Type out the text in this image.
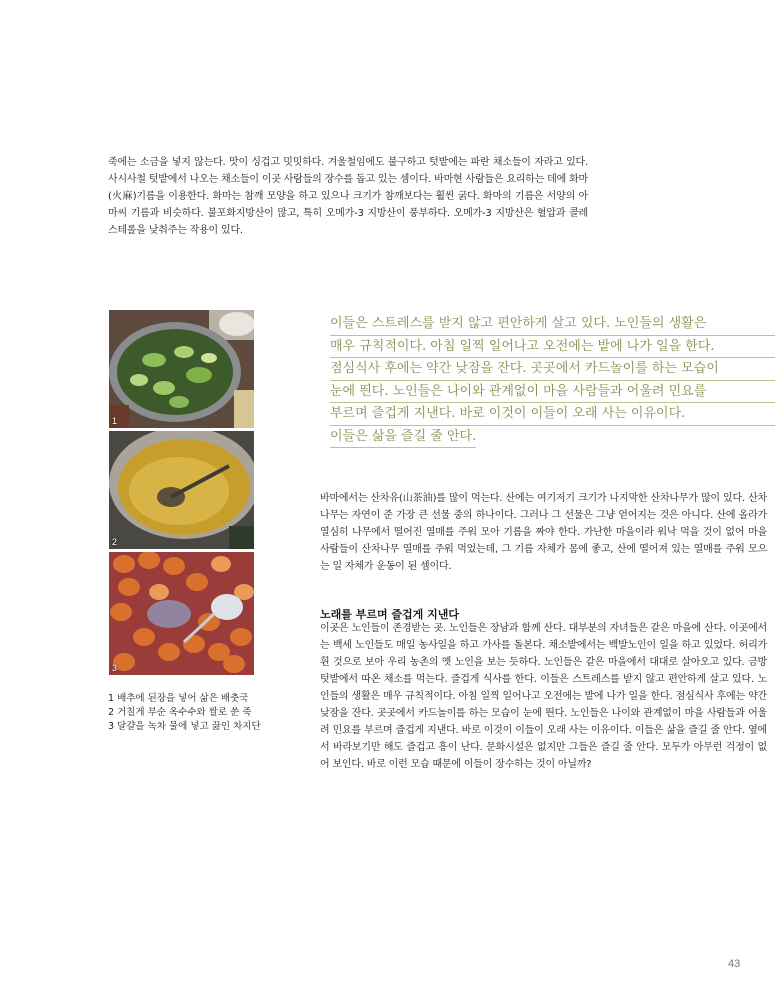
죽에는 소금을 넣지 않는다. 맛이 싱겁고 밋밋하다. 겨울철임에도 불구하고 텃밭에는 파란 채소들이 자라고 있다. 사시사철 텃밭에서 나오는 채소들이 이곳 사람들의 장수를 돕고 있는 셈이다. 바마현 사람들은 요리하는 데에 화마(火麻)기름을 이용한다. 화마는 참깨 모양을 하고 있으나 크기가 참깨보다는 훨씬 굵다. 화마의 기름은 서양의 아마씨 기름과 비슷하다. 불포화지방산이 많고, 특히 오메가-3 지방산이 풍부하다. 오메가-3 지방산은 혈압과 콜레스테롤을 낮춰주는 작용이 있다.

1
2
3
이들은 스트레스를 받지 않고 편안하게 살고 있다. 노인들의 생활은
매우 규칙적이다. 아침 일찍 일어나고 오전에는 밭에 나가 일을 한다.
점심식사 후에는 약간 낮잠을 잔다. 곳곳에서 카드놀이를 하는 모습이
눈에 띈다. 노인들은 나이와 관계없이 마을 사람들과 어울려 민요를
부르며 즐겁게 지낸다. 바로 이것이 이들이 오래 사는 이유이다.
이들은 삶을 즐길 줄 안다.
1 배추에 된장을 넣어 삶은 배춧국
2 거칠게 부순 옥수수와 쌀로 쑨 죽
3 달걀을 녹차 물에 넣고 끓인 차지단

바마에서는 산차유(山茶油)를 많이 먹는다. 산에는 여기저기 크기가 나지막한 산차나무가 많이 있다. 산차나무는 자연이 준 가장 큰 선물 중의 하나이다. 그러나 그 선물은 그냥 얻어지는 것은 아니다. 산에 올라가 열심히 나무에서 떨어진 열매를 주워 모아 기름을 짜야 한다. 가난한 마을이라 워낙 먹을 것이 없어 마을 사람들이 산차나무 열매를 주워 먹었는데, 그 기름 자체가 몸에 좋고, 산에 떨어져 있는 열매를 주워 모으는 일 자체가 운동이 된 셈이다.

노래를 부르며 즐겁게 지낸다

이곳은 노인들이 존경받는 곳. 노인들은 장남과 함께 산다. 대부분의 자녀들은 같은 마을에 산다. 이곳에서는 백세 노인들도 매일 농사일을 하고 가사를 돌본다. 채소밭에서는 백발노인이 일을 하고 있었다. 허리가 휜 것으로 보아 우리 농촌의 옛 노인을 보는 듯하다. 노인들은 같은 마을에서 대대로 살아오고 있다. 금방 텃밭에서 따온 채소를 먹는다. 즐겁게 식사를 한다. 이들은 스트레스를 받지 않고 편안하게 살고 있다. 노인들의 생활은 매우 규칙적이다. 아침 일찍 일어나고 오전에는 밭에 나가 일을 한다. 점심식사 후에는 약간 낮잠을 잔다. 곳곳에서 카드놀이를 하는 모습이 눈에 띈다. 노인들은 나이와 관계없이 마을 사람들과 어울려 민요를 부르며 즐겁게 지낸다. 바로 이것이 이들이 오래 사는 이유이다. 이들은 삶을 즐길 줄 안다. 옆에서 바라보기만 해도 즐겁고 흥이 난다. 문화시설은 없지만 그들은 즐길 줄 안다. 모두가 아무런 걱정이 없어 보인다. 바로 이런 모습 때문에 이들이 장수하는 것이 아닐까?

43
